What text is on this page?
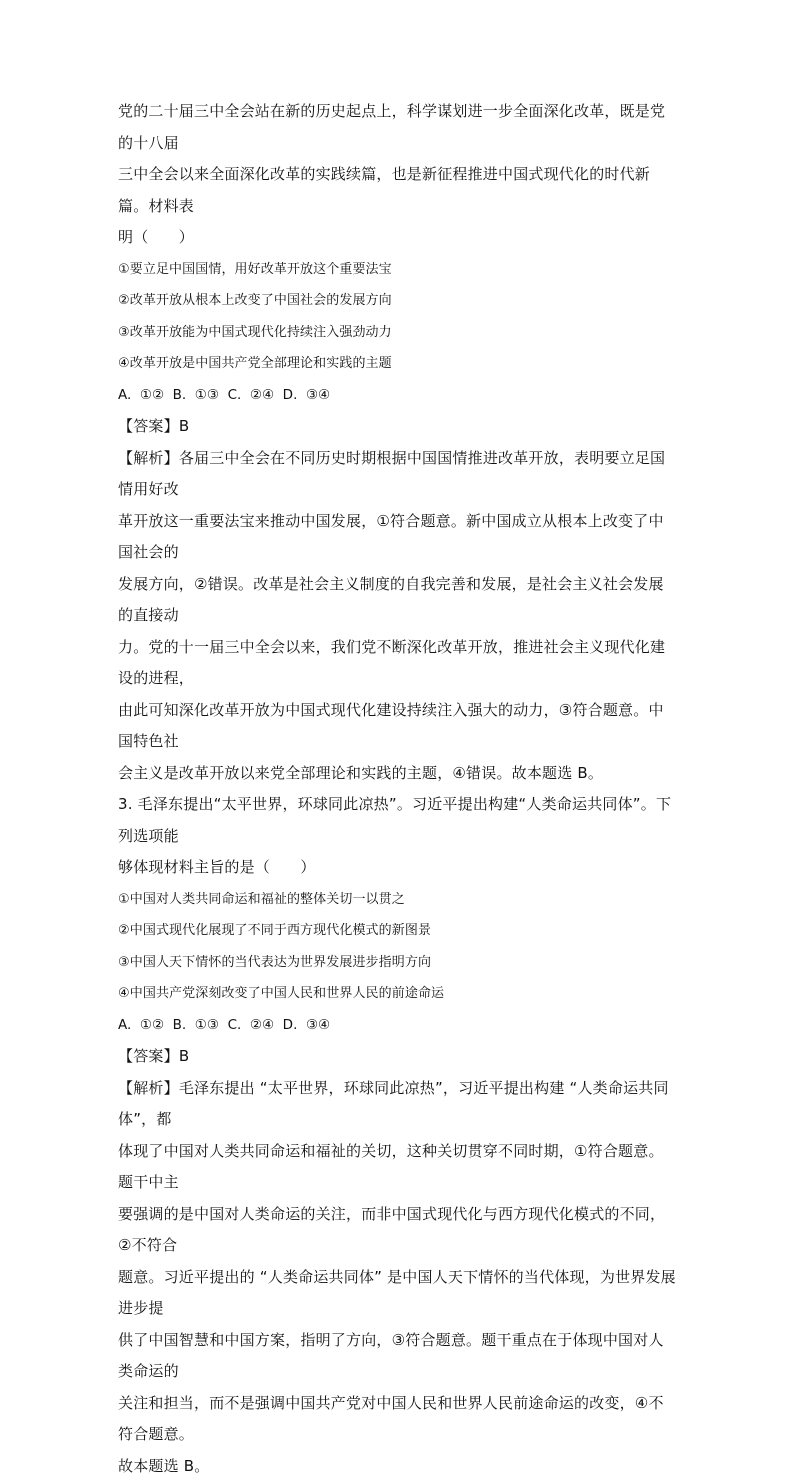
党的二十届三中全会站在新的历史起点上，科学谋划进一步全面深化改革，既是党的十八届

三中全会以来全面深化改革的实践续篇，也是新征程推进中国式现代化的时代新篇。材料表

明（　　）

①要立足中国国情，用好改革开放这个重要法宝

②改革开放从根本上改变了中国社会的发展方向

③改革开放能为中国式现代化持续注入强劲动力

④改革开放是中国共产党全部理论和实践的主题

A.  ①②  B.  ①③  C.  ②④  D.  ③④

【答案】B

【解析】各届三中全会在不同历史时期根据中国国情推进改革开放，表明要立足国情用好改

革开放这一重要法宝来推动中国发展，①符合题意。新中国成立从根本上改变了中国社会的

发展方向，②错误。改革是社会主义制度的自我完善和发展，是社会主义社会发展的直接动

力。党的十一届三中全会以来，我们党不断深化改革开放，推进社会主义现代化建设的进程，

由此可知深化改革开放为中国式现代化建设持续注入强大的动力，③符合题意。中国特色社

会主义是改革开放以来党全部理论和实践的主题，④错误。故本题选 B。

3. 毛泽东提出“太平世界，环球同此凉热”。习近平提出构建“人类命运共同体”。下列选项能

够体现材料主旨的是（　　）

①中国对人类共同命运和福祉的整体关切一以贯之

②中国式现代化展现了不同于西方现代化模式的新图景

③中国人天下情怀的当代表达为世界发展进步指明方向

④中国共产党深刻改变了中国人民和世界人民的前途命运

A.  ①②  B.  ①③  C.  ②④  D.  ③④

【答案】B

【解析】毛泽东提出 “太平世界，环球同此凉热”，习近平提出构建 “人类命运共同体”，都

体现了中国对人类共同命运和福祉的关切，这种关切贯穿不同时期，①符合题意。题干中主

要强调的是中国对人类命运的关注，而非中国式现代化与西方现代化模式的不同，②不符合

题意。习近平提出的 “人类命运共同体” 是中国人天下情怀的当代体现，为世界发展进步提

供了中国智慧和中国方案，指明了方向，③符合题意。题干重点在于体现中国对人类命运的

关注和担当，而不是强调中国共产党对中国人民和世界人民前途命运的改变，④不符合题意。

故本题选 B。
